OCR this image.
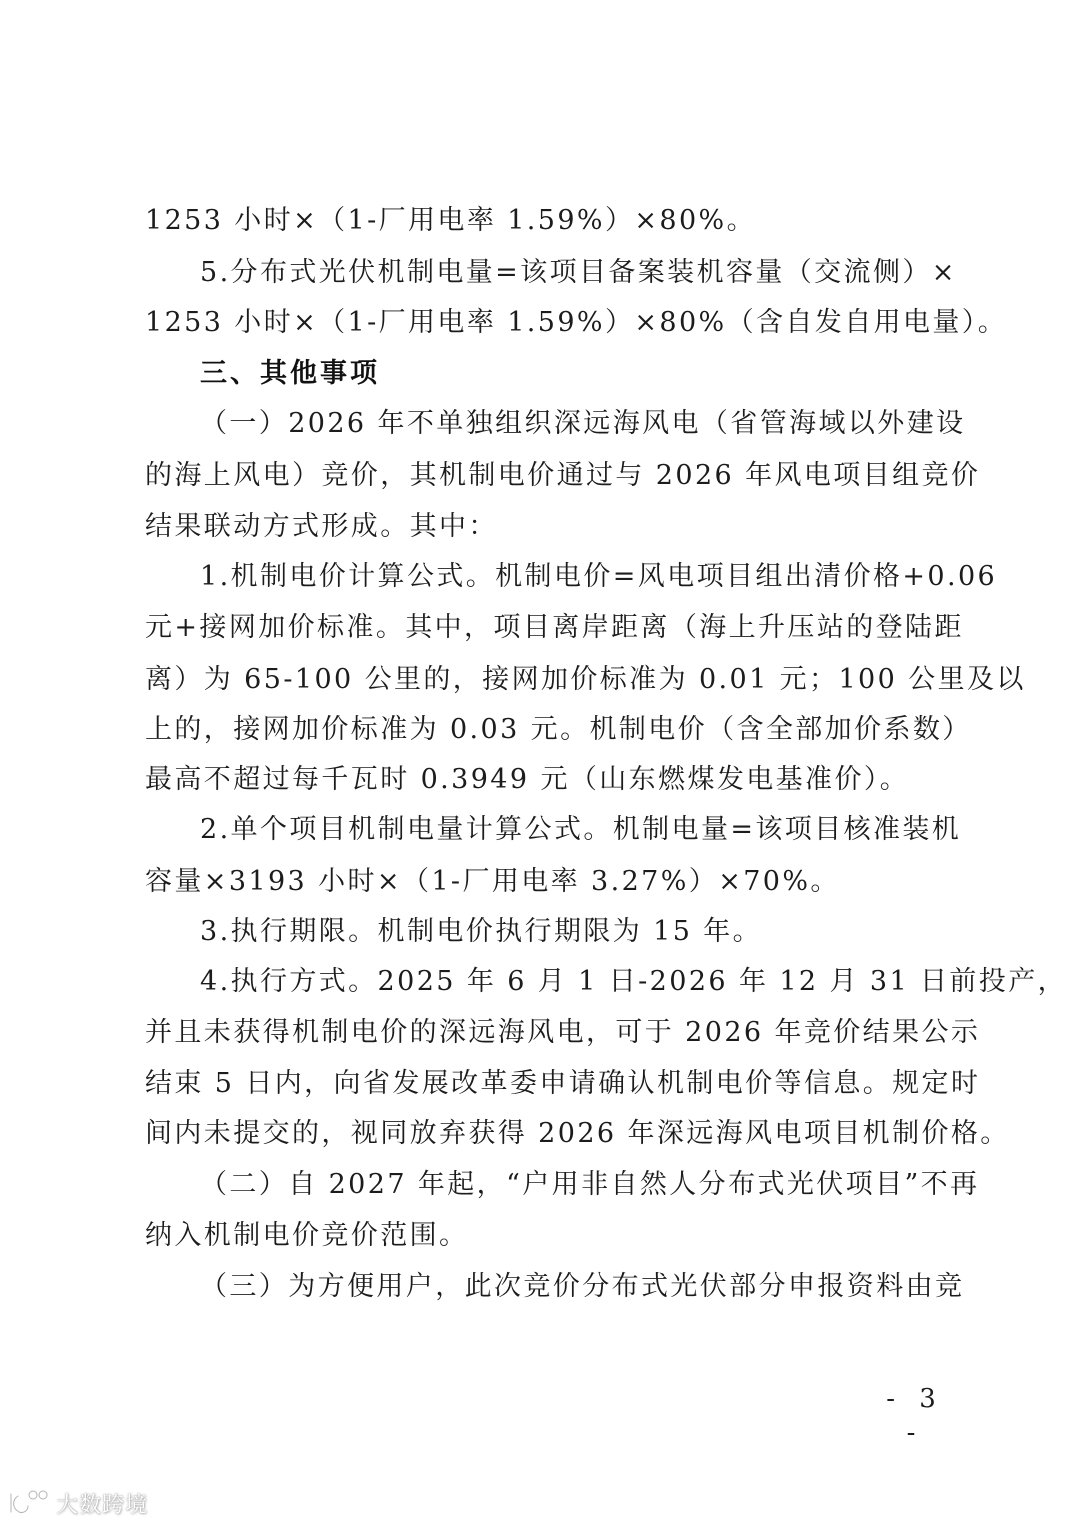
1253 小时×（1-厂用电率 1.59%）×80%。
5.分布式光伏机制电量=该项目备案装机容量（交流侧）×
1253 小时×（1-厂用电率 1.59%）×80%（含自发自用电量）。
三、其他事项
（一）2026 年不单独组织深远海风电（省管海域以外建设
的海上风电）竞价，其机制电价通过与 2026 年风电项目组竞价
结果联动方式形成。其中：
1.机制电价计算公式。机制电价=风电项目组出清价格+0.06
元+接网加价标准。其中，项目离岸距离（海上升压站的登陆距
离）为 65-100 公里的，接网加价标准为 0.01 元；100 公里及以
上的，接网加价标准为 0.03 元。机制电价（含全部加价系数）
最高不超过每千瓦时 0.3949 元（山东燃煤发电基准价）。
2.单个项目机制电量计算公式。机制电量=该项目核准装机
容量×3193 小时×（1-厂用电率 3.27%）×70%。
3.执行期限。机制电价执行期限为 15 年。
4.执行方式。2025 年 6 月 1 日-2026 年 12 月 31 日前投产，
并且未获得机制电价的深远海风电，可于 2026 年竞价结果公示
结束 5 日内，向省发展改革委申请确认机制电价等信息。规定时
间内未提交的，视同放弃获得 2026 年深远海风电项目机制价格。
（二）自 2027 年起，“户用非自然人分布式光伏项目”不再
纳入机制电价竞价范围。
（三）为方便用户，此次竞价分布式光伏部分申报资料由竞
- 3 -
大数跨境
